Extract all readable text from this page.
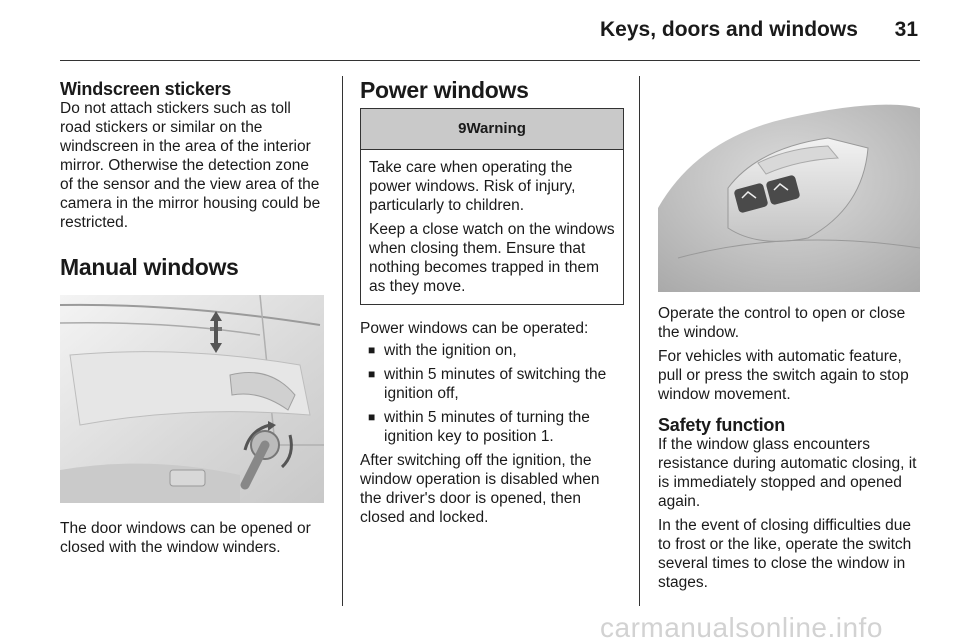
Keys, doors and windows	31
Windscreen stickers

Do not attach stickers such as toll road stickers or similar on the windscreen in the area of the interior mirror. Otherwise the detection zone of the sensor and the view area of the camera in the mirror housing could be restricted.

Manual windows

The door windows can be opened or closed with the window winders.

Power windows
9Warning

Take care when operating the power windows. Risk of injury, particularly to children.

Keep a close watch on the windows when closing them. Ensure that nothing becomes trapped in them as they move.

Power windows can be operated:

■ with the ignition on,
■ within 5 minutes of switching the ignition off,
■ within 5 minutes of turning the ignition key to position 1.

After switching off the ignition, the window operation is disabled when the driver's door is opened, then closed and locked.

Operate the control to open or close the window.

For vehicles with automatic feature, pull or press the switch again to stop window movement.

Safety function

If the window glass encounters resistance during automatic closing, it is immediately stopped and opened again.

In the event of closing difficulties due to frost or the like, operate the switch several times to close the window in stages.

carmanualsonline.info
